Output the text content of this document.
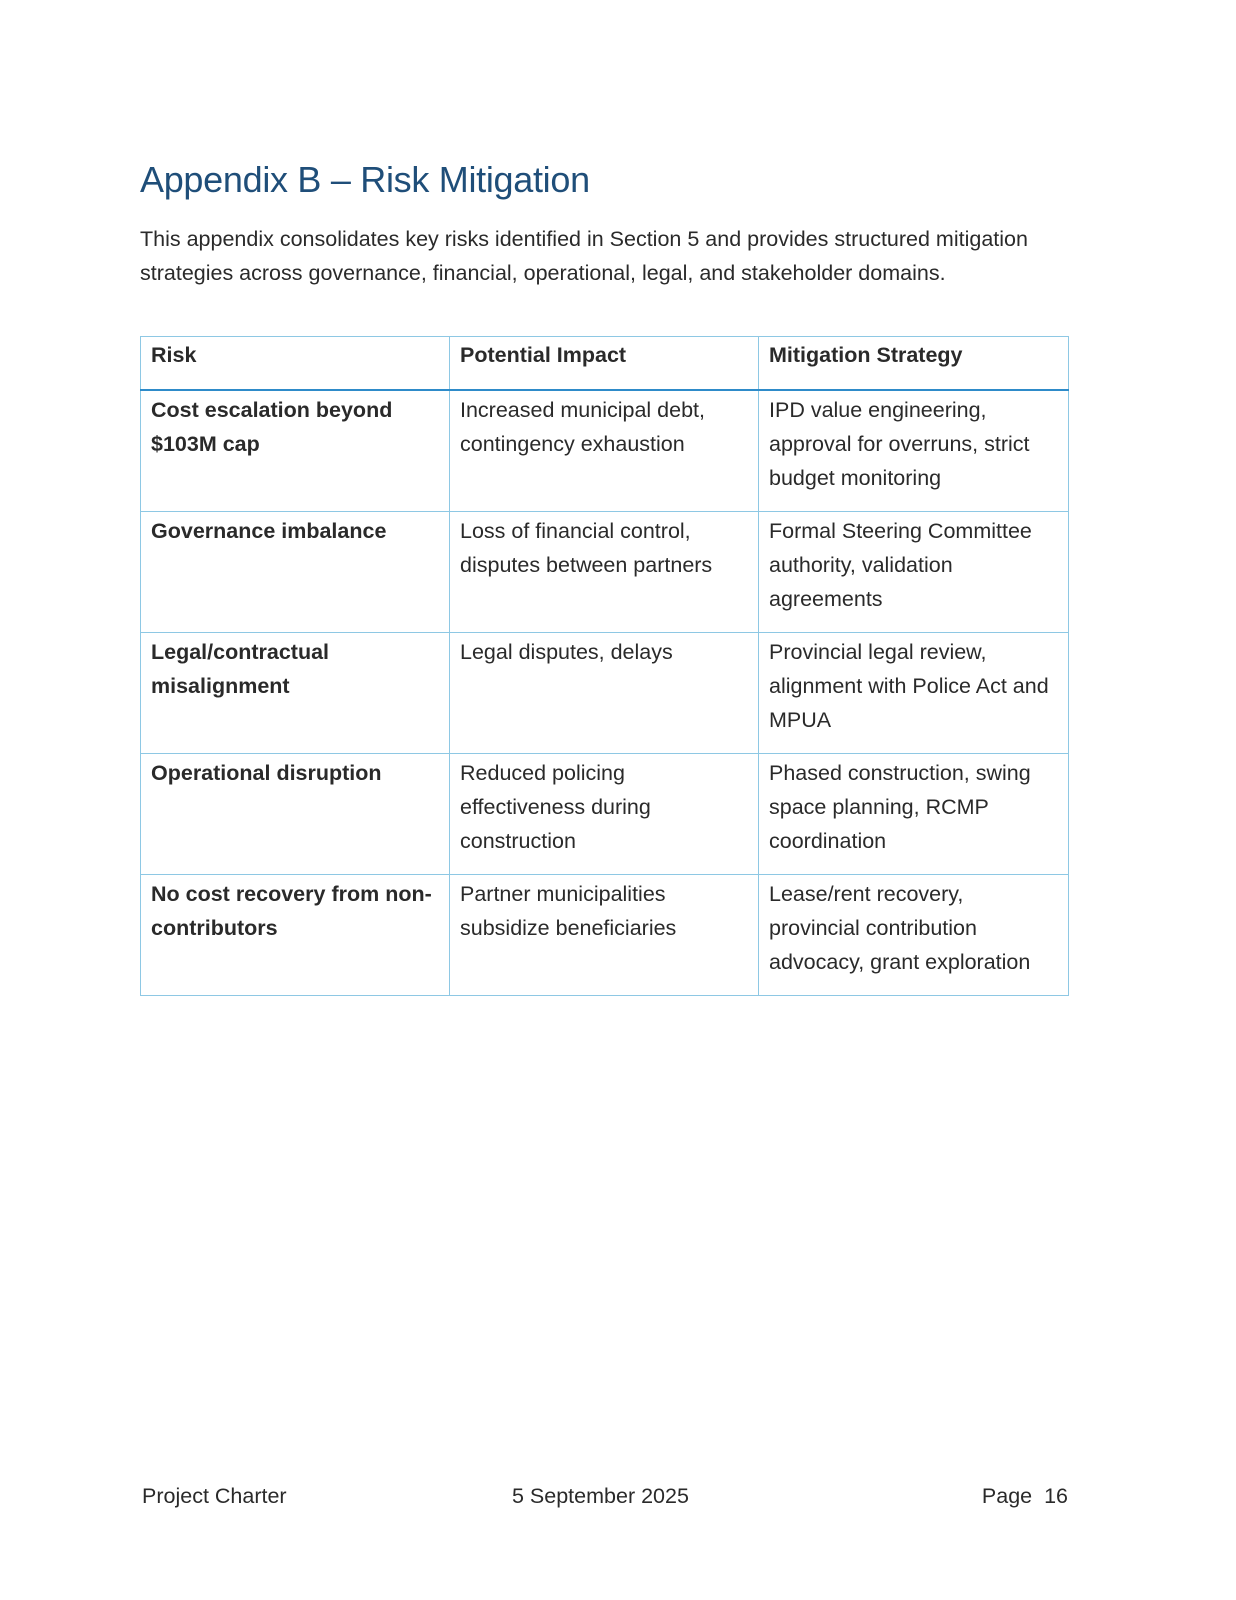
Appendix B – Risk Mitigation

This appendix consolidates key risks identified in Section 5 and provides structured mitigation strategies across governance, financial, operational, legal, and stakeholder domains.

Risk	Potential Impact	Mitigation Strategy
Cost escalation beyond $103M cap	Increased municipal debt, contingency exhaustion	IPD value engineering, approval for overruns, strict budget monitoring
Governance imbalance	Loss of financial control, disputes between partners	Formal Steering Committee authority, validation agreements
Legal/contractual misalignment	Legal disputes, delays	Provincial legal review, alignment with Police Act and MPUA
Operational disruption	Reduced policing effectiveness during construction	Phased construction, swing space planning, RCMP coordination
No cost recovery from non-contributors	Partner municipalities subsidize beneficiaries	Lease/rent recovery, provincial contribution advocacy, grant exploration
Project Charter	5 September 2025	Page  16
